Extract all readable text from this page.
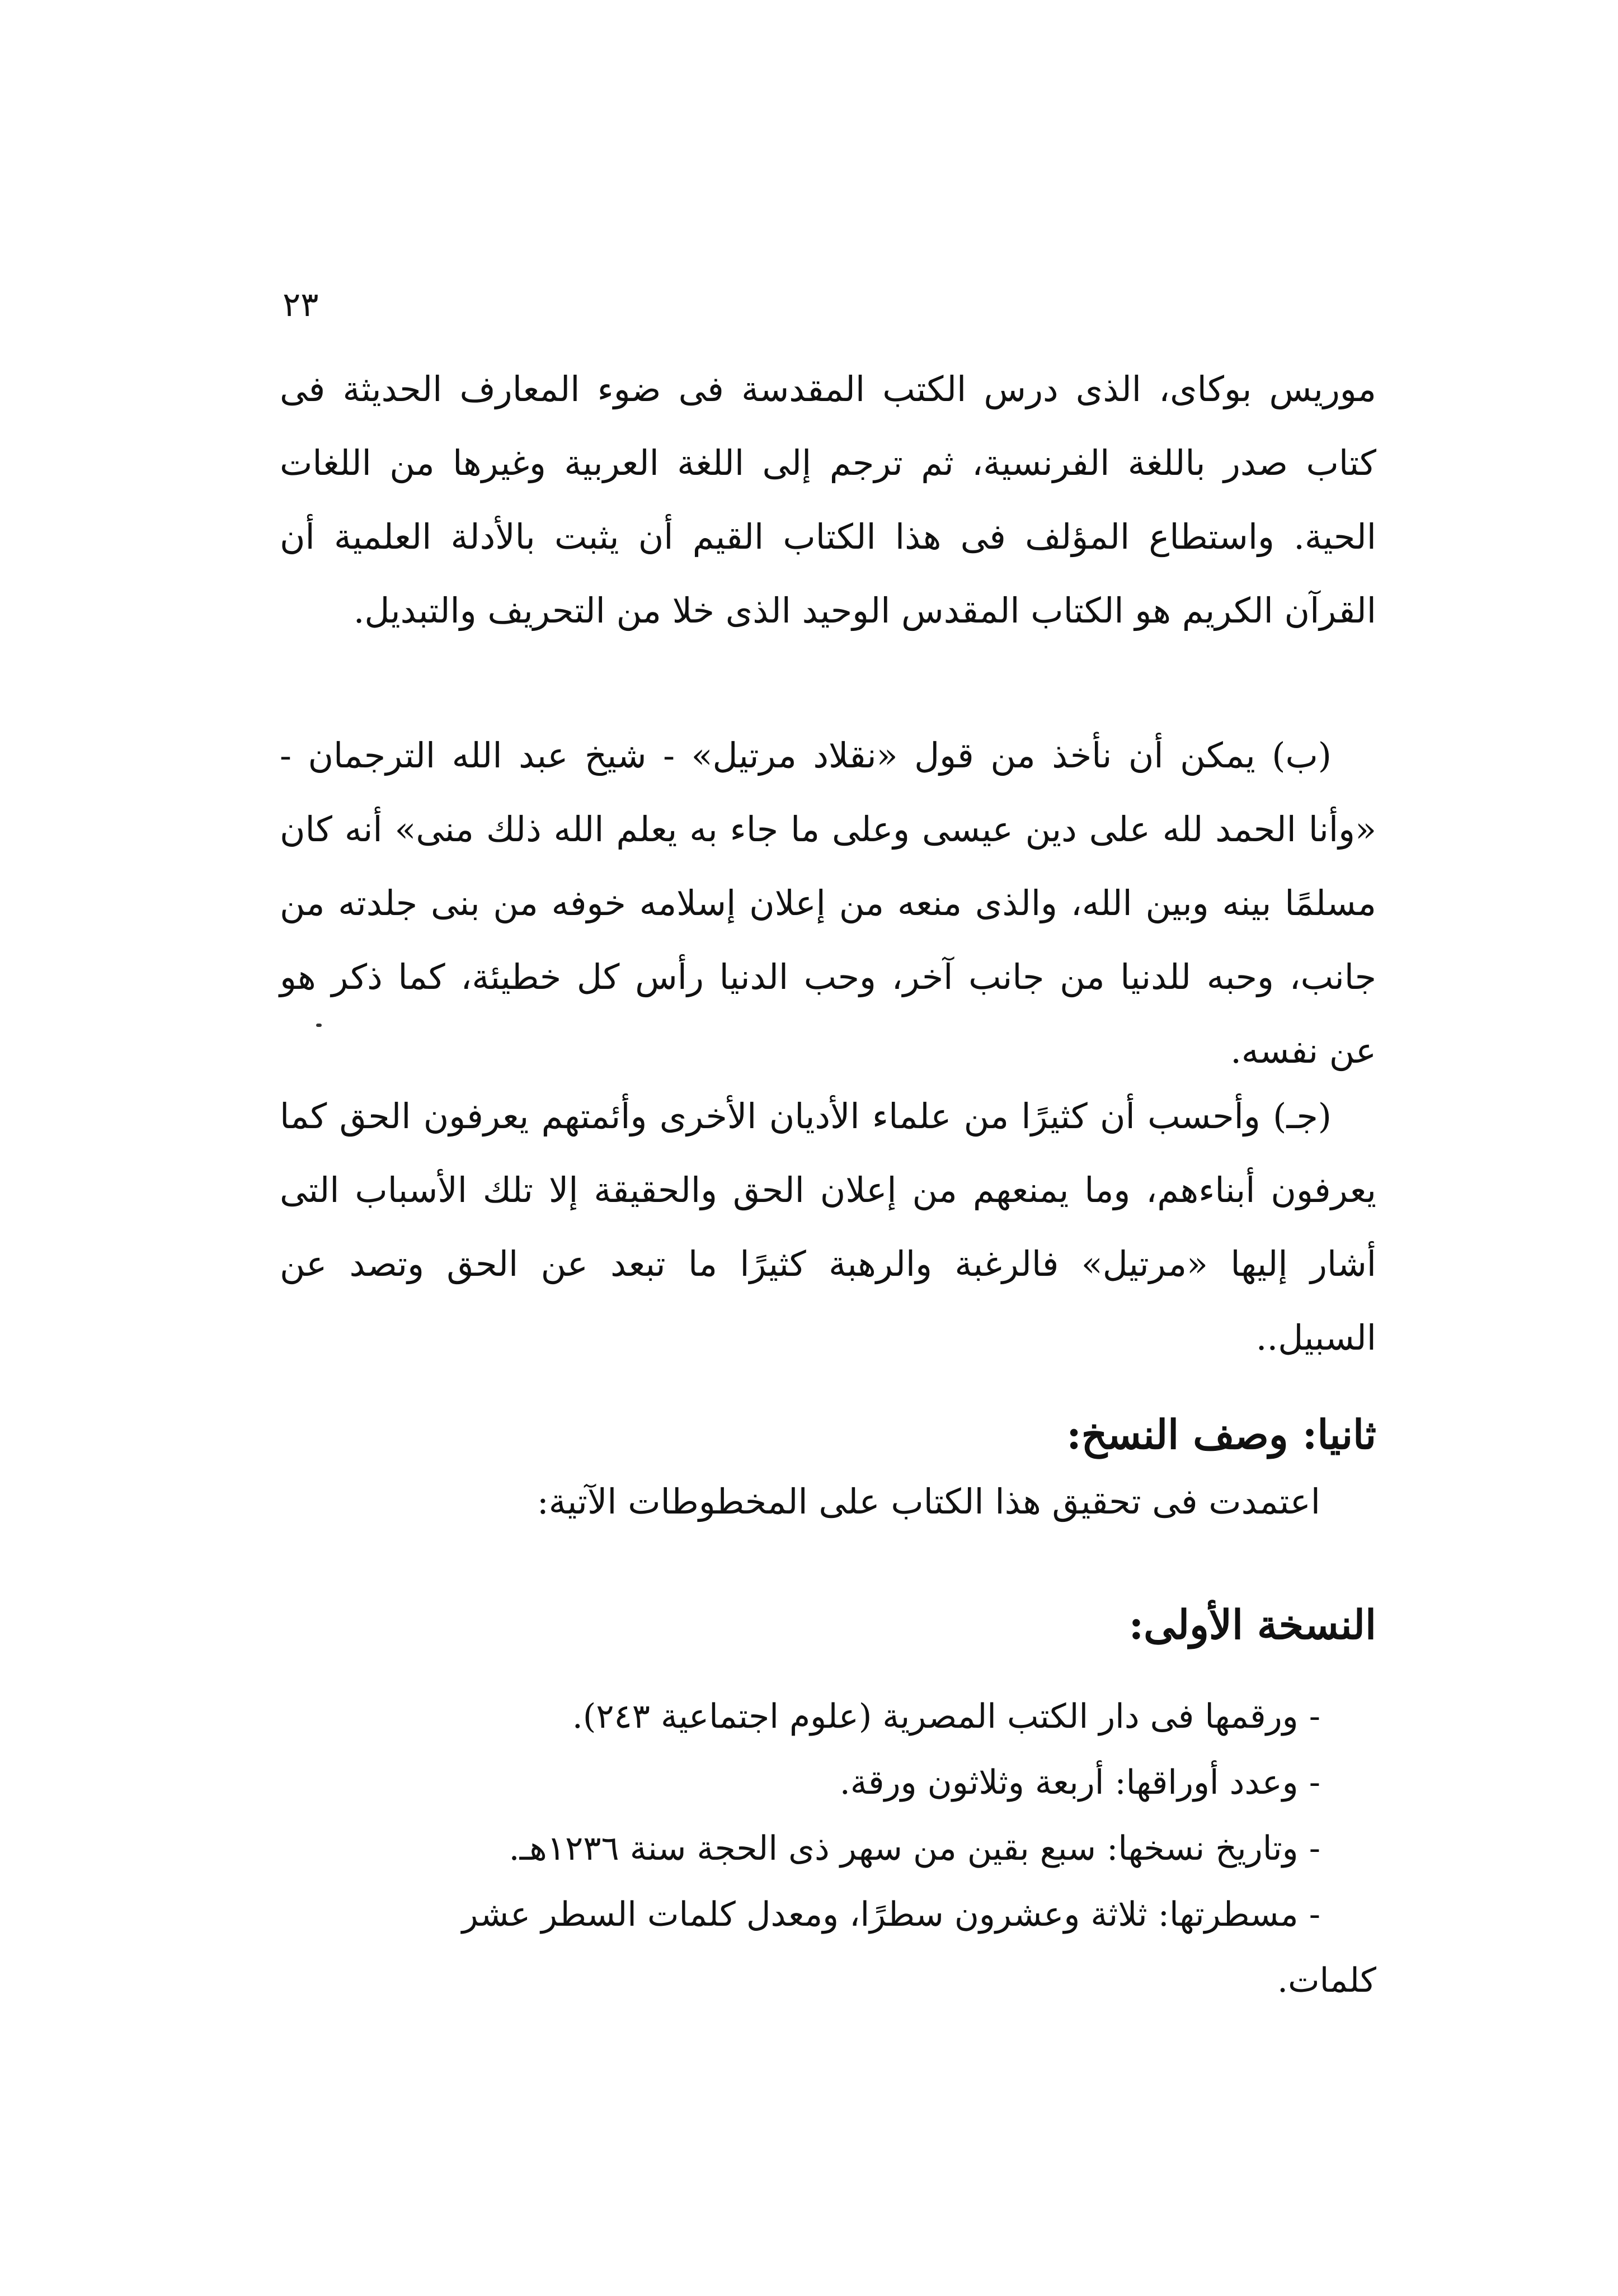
٢٣

موريس بوكاى، الذى درس الكتب المقدسة فى ضوء المعارف الحديثة فى كتاب صدر باللغة الفرنسية، ثم ترجم إلى اللغة العربية وغيرها من اللغات الحية. واستطاع المؤلف فى هذا الكتاب القيم أن يثبت بالأدلة العلمية أن القرآن الكريم هو الكتاب المقدس الوحيد الذى خلا من التحريف والتبديل.

(ب) يمكن أن نأخذ من قول «نقلاد مرتيل» - شيخ عبد الله الترجمان - «وأنا الحمد لله على دين عيسى وعلى ما جاء به يعلم الله ذلك منى» أنه كان مسلمًا بينه وبين الله، والذى منعه من إعلان إسلامه خوفه من بنى جلدته من جانب، وحبه للدنيا من جانب آخر، وحب الدنيا رأس كل خطيئة، كما ذكر هو عن نفسه.

(جـ) وأحسب أن كثيرًا من علماء الأديان الأخرى وأئمتهم يعرفون الحق كما يعرفون أبناءهم، وما يمنعهم من إعلان الحق والحقيقة إلا تلك الأسباب التى أشار إليها «مرتيل» فالرغبة والرهبة كثيرًا ما تبعد عن الحق وتصد عن السبيل..

ثانيا: وصف النسخ:
اعتمدت فى تحقيق هذا الكتاب على المخطوطات الآتية:
النسخة الأولى:

- ورقمها فى دار الكتب المصرية (علوم اجتماعية ٢٤٣).

- وعدد أوراقها: أربعة وثلاثون ورقة.

- وتاريخ نسخها: سبع بقين من سهر ذى الحجة سنة ١٢٣٦هـ.

- مسطرتها: ثلاثة وعشرون سطرًا، ومعدل كلمات السطر عشر

كلمات.
